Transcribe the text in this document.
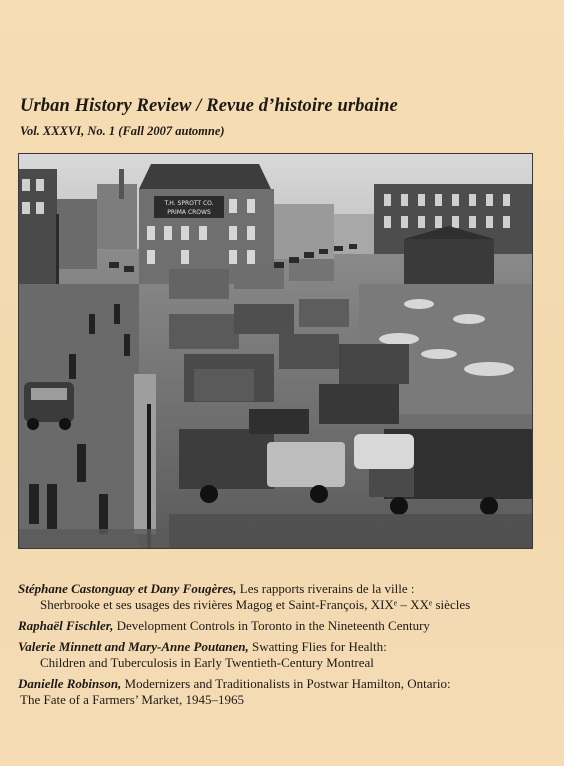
Urban History Review / Revue d’histoire urbaine
Vol. XXXVI, No. 1 (Fall 2007 automne)
T.H. SPROTT CO.
PRIMA CROWS
Stéphane Castonguay et Dany Fougères, Les rapports riverains de la ville :
Sherbrooke et ses usages des rivières Magog et Saint-François, XIXᵉ – XXᵉ siècles
Raphaël Fischler, Development Controls in Toronto in the Nineteenth Century
Valerie Minnett and Mary-Anne Poutanen, Swatting Flies for Health:
Children and Tuberculosis in Early Twentieth-Century Montreal
Danielle Robinson, Modernizers and Traditionalists in Postwar Hamilton, Ontario:
The Fate of a Farmers’ Market, 1945–1965
